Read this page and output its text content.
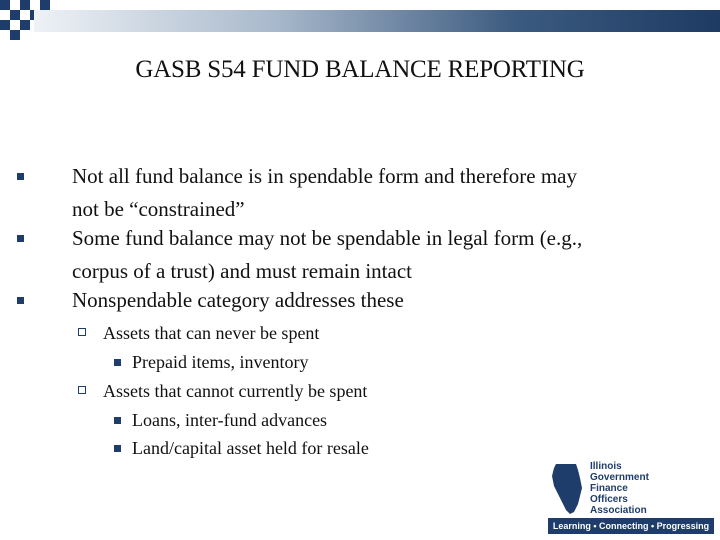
GASB S54 FUND BALANCE REPORTING
Not all fund balance is in spendable form and therefore may
not be “constrained”
Some fund balance may not be spendable in legal form (e.g.,
corpus of a trust) and must remain intact
Nonspendable category addresses these
Assets that can never be spent
Prepaid items, inventory
Assets that cannot currently be spent
Loans, inter-fund advances
Land/capital asset held for resale
Illinois
Government
Finance
Officers
Association
Learning • Connecting • Progressing
